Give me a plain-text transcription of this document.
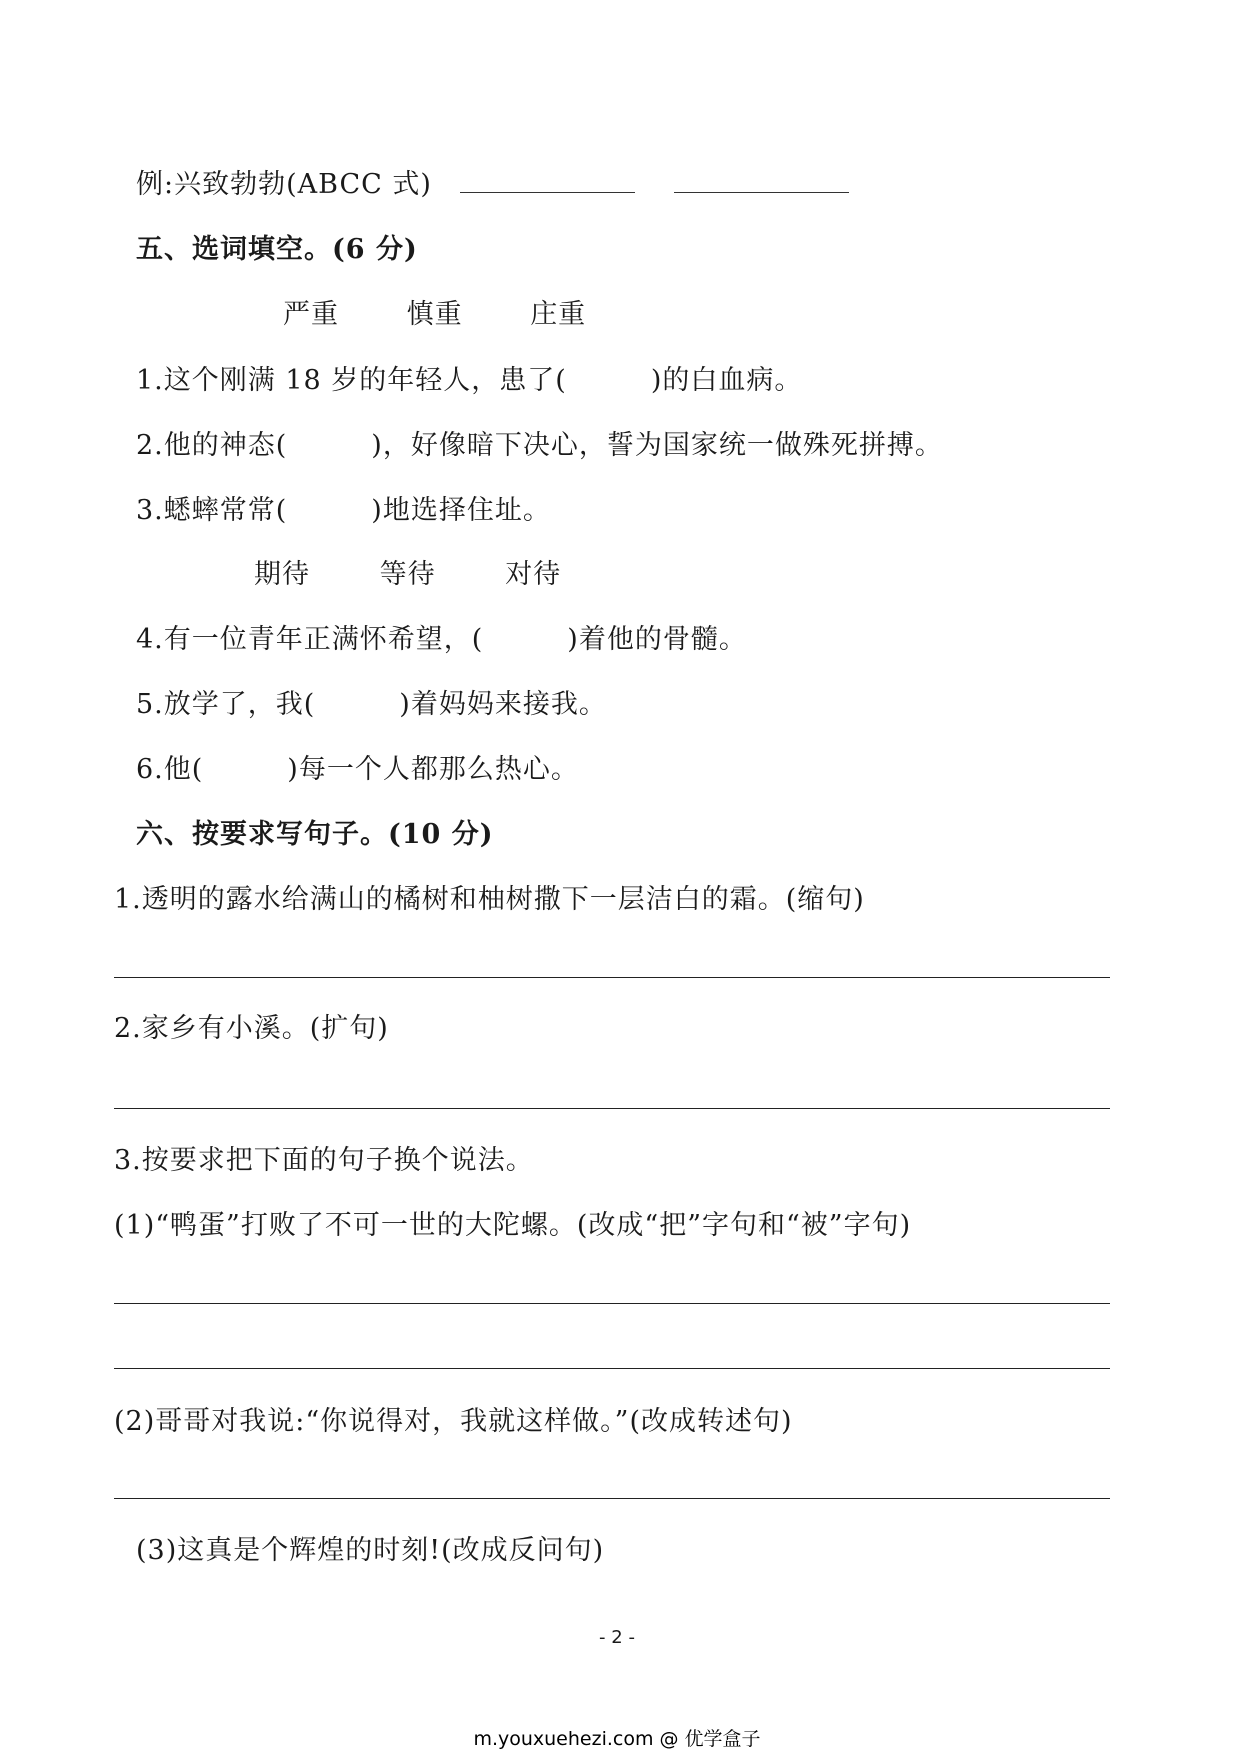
例:兴致勃勃(ABCC 式)
五、选词填空。(6 分)
严重	慎重	庄重
1.这个刚满 18 岁的年轻人，患了(　　　)的白血病。
2.他的神态(　　　)，好像暗下决心，誓为国家统一做殊死拼搏。
3.蟋蟀常常(　　　)地选择住址。
期待	等待	对待
4.有一位青年正满怀希望，(　　　)着他的骨髓。
5.放学了，我(　　　)着妈妈来接我。
6.他(　　　)每一个人都那么热心。
六、按要求写句子。(10 分)
1.透明的露水给满山的橘树和柚树撒下一层洁白的霜。(缩句)
2.家乡有小溪。(扩句)
3.按要求把下面的句子换个说法。
(1)“鸭蛋”打败了不可一世的大陀螺。(改成“把”字句和“被”字句)
(2)哥哥对我说:“你说得对，我就这样做。”(改成转述句)
(3)这真是个辉煌的时刻!(改成反问句)
- 2 -
m.youxuehezi.com @ 优学盒子
